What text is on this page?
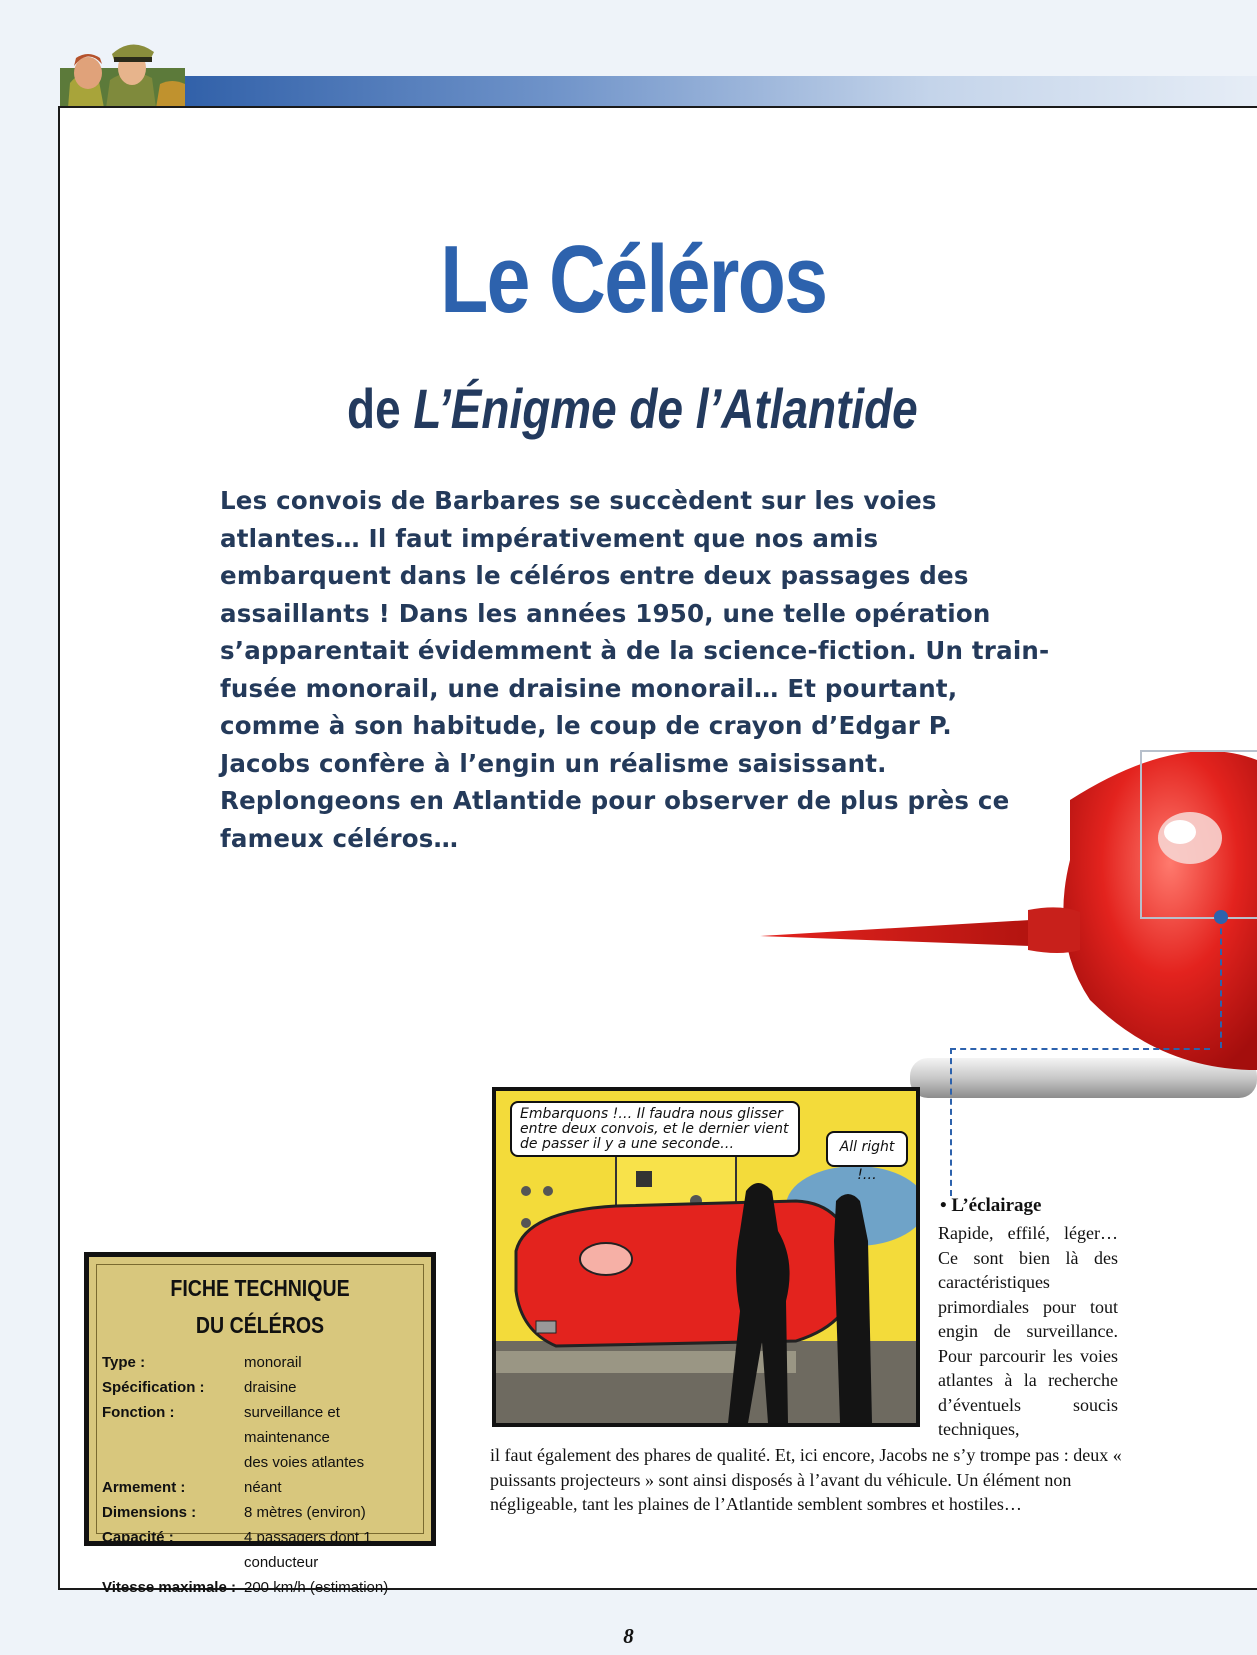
Le Céléros
de L’Énigme de l’Atlantide

Les convois de Barbares se succèdent sur les voies atlantes… Il faut impérativement que nos amis embarquent dans le céléros entre deux passages des assaillants ! Dans les années 1950, une telle opération s’apparentait évidemment à de la science-fiction. Un train-fusée monorail, une draisine monorail… Et pourtant, comme à son habitude, le coup de crayon d’Edgar P. Jacobs confère à l’engin un réalisme saisissant. Replongeons en Atlantide pour observer de plus près ce fameux céléros…

Embarquons !… Il faudra nous glisser entre deux convois, et le dernier vient de passer il y a une seconde…	All right !…
• L’éclairage

Rapide, effilé, léger… Ce sont bien là des caractéristiques primordiales pour tout engin de surveillance. Pour parcourir les voies atlantes à la recherche d’éventuels soucis techniques,

il faut également des phares de qualité. Et, ici encore, Jacobs ne s’y trompe pas : deux « puissants projecteurs » sont ainsi disposés à l’avant du véhicule. Un élément non négligeable, tant les plaines de l’Atlantide semblent sombres et hostiles…

FICHE TECHNIQUE
DU CÉLÉROS
Type :	monorail
Spécification :	draisine
Fonction :	surveillance et maintenance
des voies atlantes
Armement :	néant
Dimensions :	8 mètres (environ)
Capacité :	4 passagers dont 1 conducteur
Vitesse maximale : 200 km/h (estimation)
8
